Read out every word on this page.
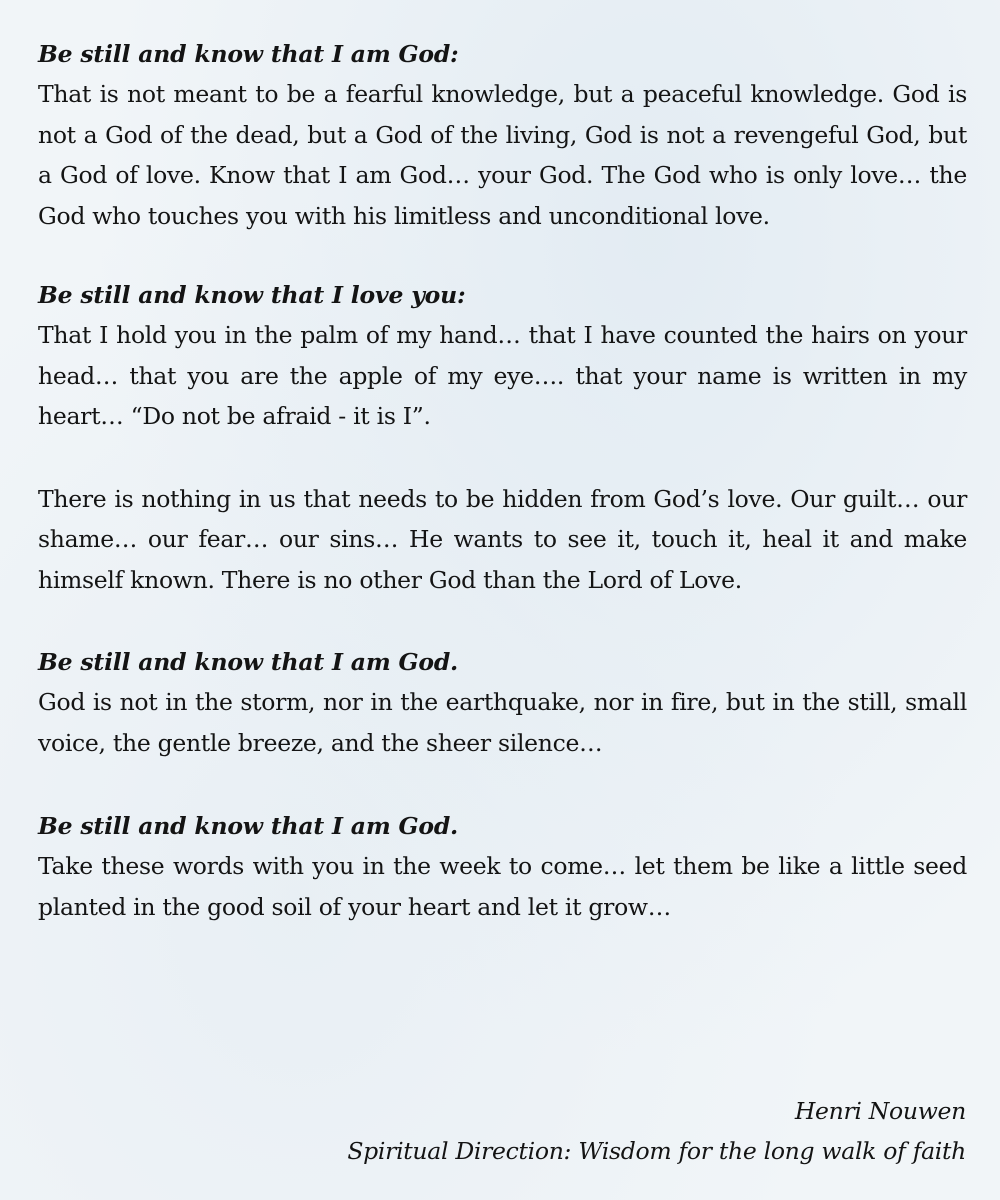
Be still and know that I am God:

That is not meant to be a fearful knowledge, but a peaceful knowledge. God is not a God of the dead, but a God of the living, God is not a revengeful God, but a God of love. Know that I am God… your God. The God who is only love… the God who touches you with his limitless and unconditional love.

Be still and know that I love you:

That I hold you in the palm of my hand… that I have counted the hairs on your head… that you are the apple of my eye…. that your name is written in my heart… “Do not be afraid - it is I”.

There is nothing in us that needs to be hidden from God’s love. Our guilt… our shame… our fear… our sins… He wants to see it, touch it, heal it and make himself known. There is no other God than the Lord of Love.

Be still and know that I am God.

God is not in the storm, nor in the earthquake, nor in fire, but in the still, small voice, the gentle breeze, and the sheer silence…

Be still and know that I am God.

Take these words with you in the week to come… let them be like a little seed planted in the good soil of your heart and let it grow…

Henri Nouwen
Spiritual Direction: Wisdom for the long walk of faith
